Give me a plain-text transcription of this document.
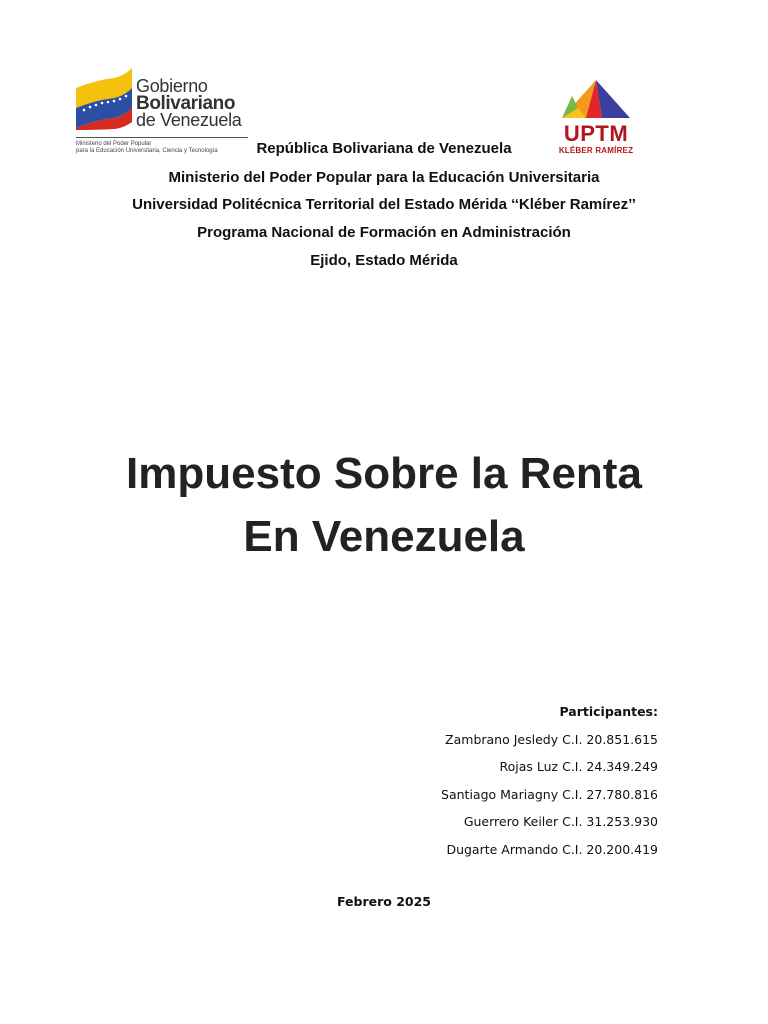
Gobierno
Bolivariano
de Venezuela
Ministerio del Poder Popular
para la Educación Universitaria, Ciencia y Tecnología
UPTM
KLÉBER RAMÍREZ
República Bolivariana de Venezuela
Ministerio del Poder Popular para la Educación Universitaria
Universidad Politécnica Territorial del Estado Mérida ‘‘Kléber Ramírez’’
Programa Nacional de Formación en Administración
Ejido, Estado Mérida
Impuesto Sobre la Renta
En Venezuela
Participantes:
Zambrano Jesledy C.I. 20.851.615
Rojas Luz C.I. 24.349.249
Santiago Mariagny C.I. 27.780.816
Guerrero Keiler C.I. 31.253.930
Dugarte Armando C.I. 20.200.419
Febrero 2025
